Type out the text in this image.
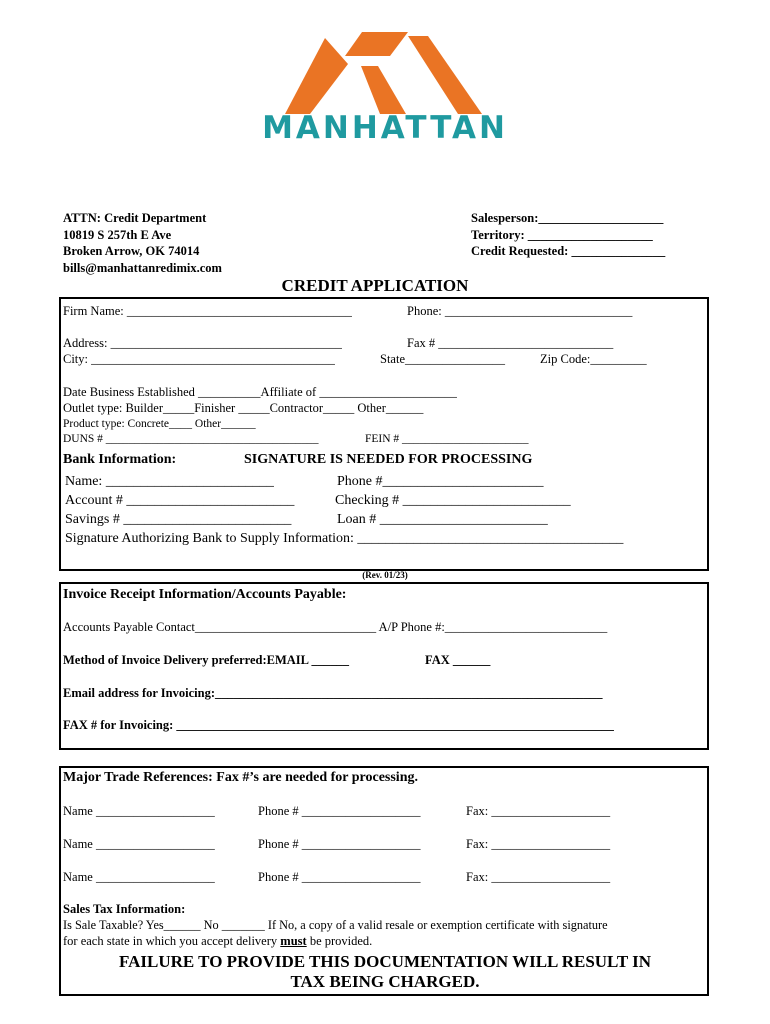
MANHATTAN
ATTN: Credit Department
10819 S 257th E Ave
Broken Arrow, OK 74014
bills@manhattanredimix.com
Salesperson:____________________
Territory: ____________________
Credit Requested: _______________
CREDIT APPLICATION
Firm Name: ____________________________________	Phone: ______________________________
Address: _____________________________________	Fax # ____________________________
City: _______________________________________	State________________	Zip Code:_________
Date Business Established __________Affiliate of ______________________
Outlet type: Builder_____Finisher _____Contractor_____ Other______
Product type: Concrete____ Other______
DUNS # _____________________________________	FEIN # ______________________
Bank Information:	SIGNATURE IS NEEDED FOR PROCESSING
Name: ________________________	Phone #_______________________
Account # ________________________	Checking # ________________________
Savings # ________________________	Loan # ________________________
Signature Authorizing Bank to Supply Information: ______________________________________
(Rev. 01/23)
Invoice Receipt Information/Accounts Payable:
Accounts Payable Contact_____________________________ A/P Phone #:__________________________
Method of Invoice Delivery preferred:EMAIL ______	FAX ______
Email address for Invoicing:______________________________________________________________
FAX # for Invoicing: ______________________________________________________________________
Major Trade References: Fax #’s are needed for processing.
Name ___________________	Phone # ___________________	Fax: ___________________
Name ___________________	Phone # ___________________	Fax: ___________________
Name ___________________	Phone # ___________________	Fax: ___________________
Sales Tax Information:
Is Sale Taxable? Yes______ No _______ If No, a copy of a valid resale or exemption certificate with signature
for each state in which you accept delivery must be provided.
FAILURE TO PROVIDE THIS DOCUMENTATION WILL RESULT IN
TAX BEING CHARGED.
